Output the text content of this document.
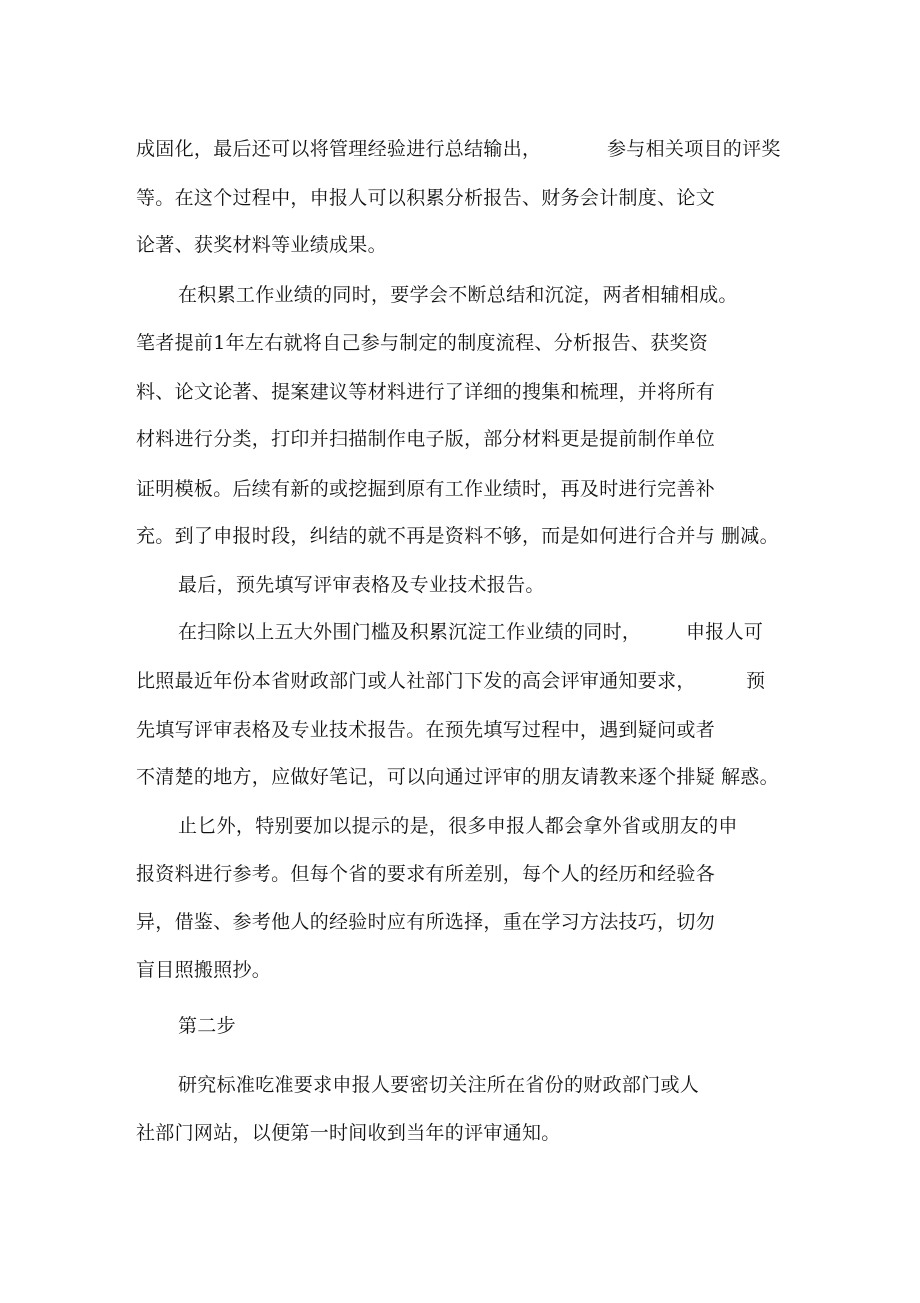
成固化，最后还可以将管理经验进行总结输出，	参与相关项目的评奖
等。在这个过程中，申报人可以积累分析报告、财务会计制度、论文
论著、获奖材料等业绩成果。
在积累工作业绩的同时，要学会不断总结和沉淀，两者相辅相成。
笔者提前1年左右就将自己参与制定的制度流程、分析报告、获奖资
料、论文论著、提案建议等材料进行了详细的搜集和梳理，并将所有
材料进行分类，打印并扫描制作电子版，部分材料更是提前制作单位
证明模板。后续有新的或挖掘到原有工作业绩时，再及时进行完善补
充。到了申报时段，纠结的就不再是资料不够，而是如何进行合并与 删减。
最后，预先填写评审表格及专业技术报告。
在扫除以上五大外围门槛及积累沉淀工作业绩的同时， 申报人可
比照最近年份本省财政部门或人社部门下发的高会评审通知要求，	预
先填写评审表格及专业技术报告。在预先填写过程中，遇到疑问或者
不清楚的地方，应做好笔记，可以向通过评审的朋友请教来逐个排疑 解惑。
止匕外，特别要加以提示的是，很多申报人都会拿外省或朋友的申
报资料进行参考。但每个省的要求有所差别，每个人的经历和经验各
异，借鉴、参考他人的经验时应有所选择，重在学习方法技巧，切勿
盲目照搬照抄。
第二步
研究标准吃准要求申报人要密切关注所在省份的财政部门或人
社部门网站，以便第一时间收到当年的评审通知。
